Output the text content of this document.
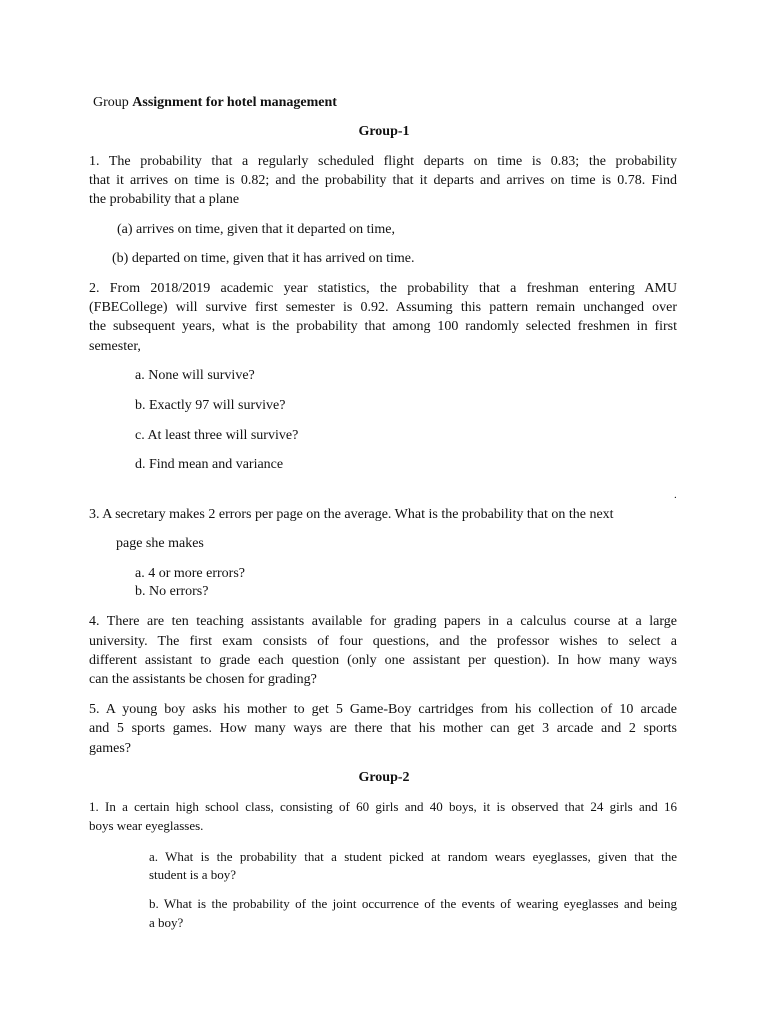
Group Assignment for hotel management
Group-1
1. The probability that a regularly scheduled flight departs on time is 0.83; the probability
that it arrives on time is 0.82; and the probability that it departs and arrives on time is 0.78. Find
the probability that a plane
(a) arrives on time, given that it departed on time,
(b) departed on time, given that it has arrived on time.
2. From 2018/2019 academic year statistics, the probability that a freshman entering AMU
(FBECollege) will survive first semester is 0.92. Assuming this pattern remain unchanged over
the subsequent years, what is the probability that among 100 randomly selected freshmen in first
semester,
a. None will survive?
b. Exactly 97 will survive?
c. At least three will survive?
d. Find mean and variance
.
3. A secretary makes 2 errors per page on the average. What is the probability that on the next
page she makes
a. 4 or more errors?
b. No errors?
4. There are ten teaching assistants available for grading papers in a calculus course at a large
university. The first exam consists of four questions, and the professor wishes to select a
different assistant to grade each question (only one assistant per question). In how many ways
can the assistants be chosen for grading?
5. A young boy asks his mother to get 5 Game-Boy cartridges from his collection of 10 arcade
and 5 sports games. How many ways are there that his mother can get 3 arcade and 2 sports
games?
Group-2
1. In a certain high school class, consisting of 60 girls and 40 boys, it is observed that 24 girls and 16
boys wear eyeglasses.
a. What is the probability that a student picked at random wears eyeglasses, given that the
student is a boy?
b. What is the probability of the joint occurrence of the events of wearing eyeglasses and being
a boy?
